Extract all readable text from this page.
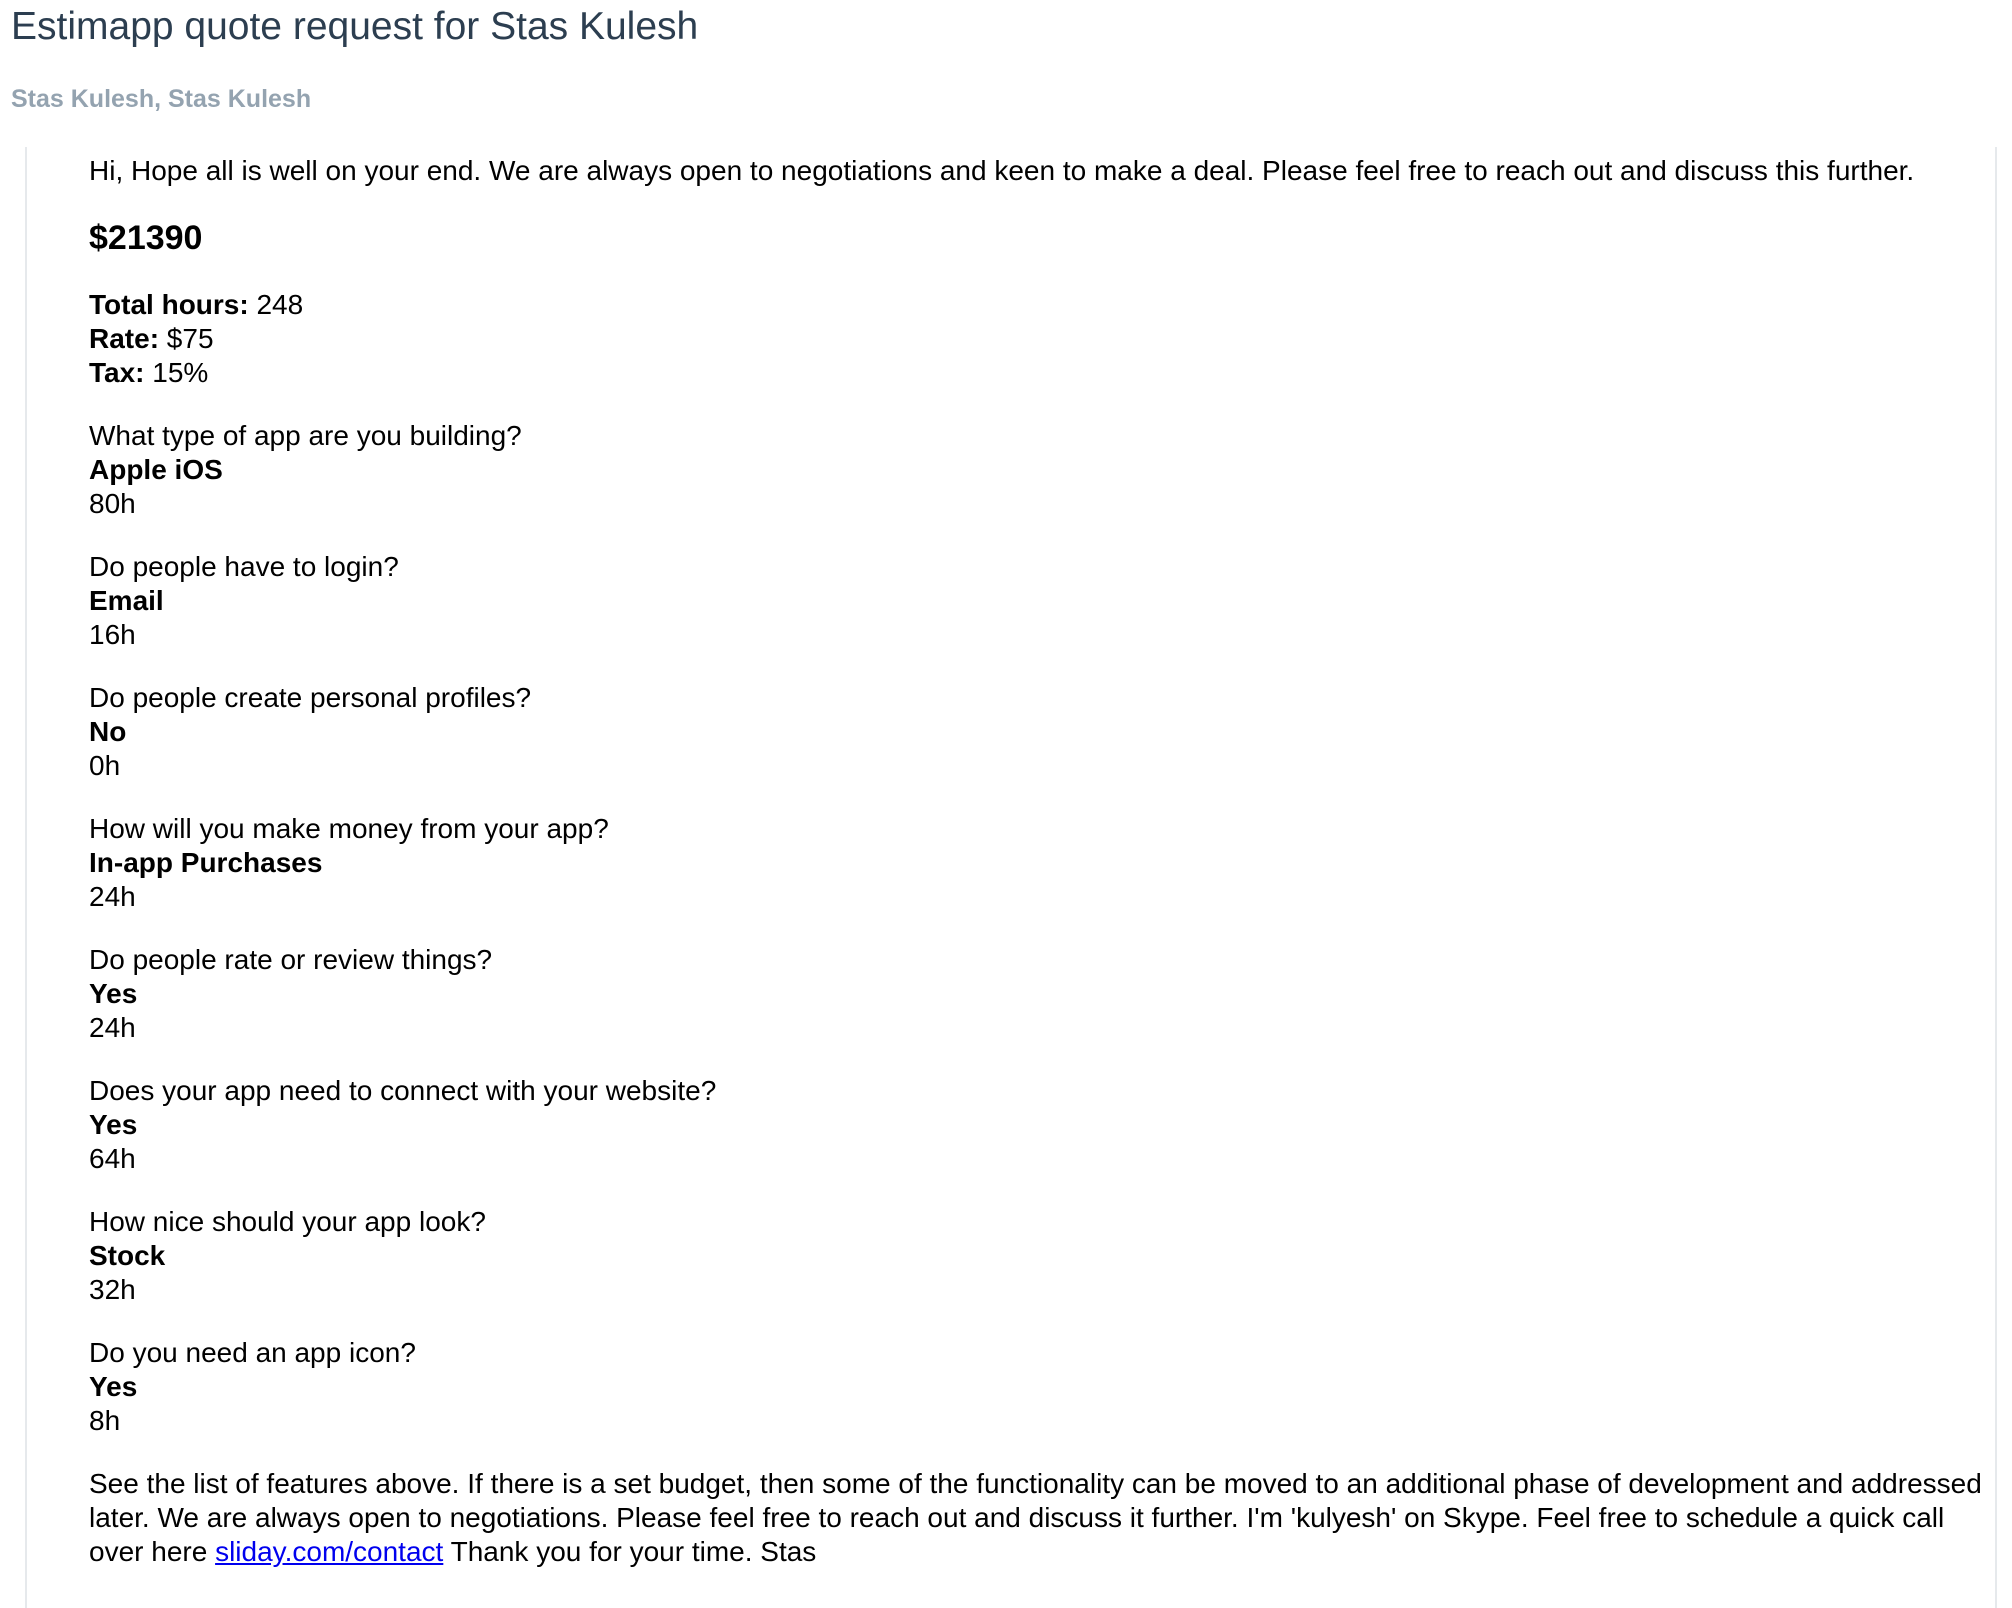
Estimapp quote request for Stas Kulesh
Stas Kulesh, Stas Kulesh

Hi, Hope all is well on your end. We are always open to negotiations and keen to make a deal. Please feel free to reach out and discuss this further.

$21390
Total hours: 248
Rate: $75
Tax: 15%
What type of app are you building?
Apple iOS
80h
Do people have to login?
Email
16h
Do people create personal profiles?
No
0h
How will you make money from your app?
In-app Purchases
24h
Do people rate or review things?
Yes
24h
Does your app need to connect with your website?
Yes
64h
How nice should your app look?
Stock
32h
Do you need an app icon?
Yes
8h

See the list of features above. If there is a set budget, then some of the functionality can be moved to an additional phase of development and addressed later. We are always open to negotiations. Please feel free to reach out and discuss it further. I'm 'kulyesh' on Skype. Feel free to schedule a quick call over here sliday.com/contact Thank you for your time. Stas
